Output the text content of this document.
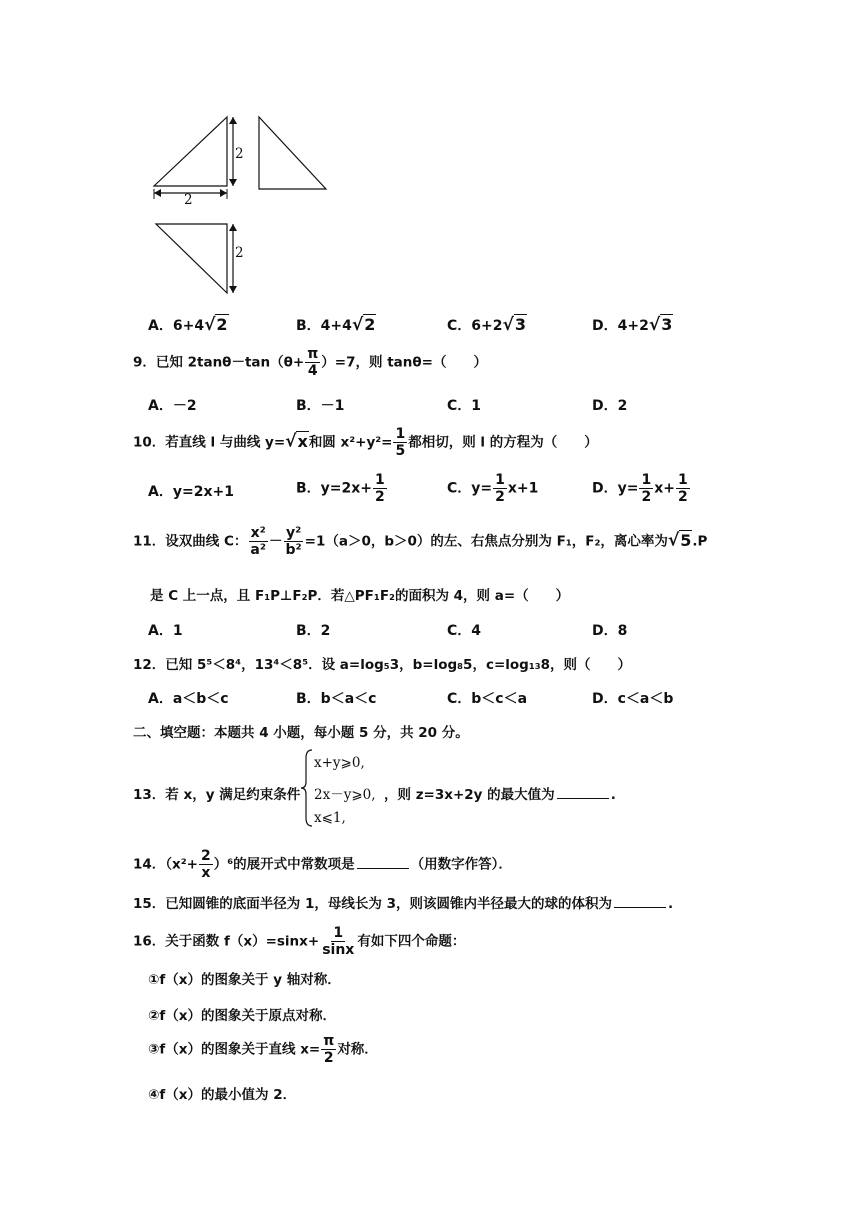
2
2
2
A．6+4√2	B．4+4√2	C．6+2√3	D．4+2√3
9．已知 $2\tan\theta-\tan(\theta+ \frac{\pi}{4} )=7$，则 tanθ=（　　）
A．－2	B．－1	C．1	D．2
10．若直线 l 与曲线 y=√x和圆 $x^2+y^2= \frac{1}{5}$ 都相切，则 l 的方程为（　　）
A．y=2x+1	B．$y=2x+ \frac{1}{2}$	C．$y= \frac{1}{2} x+1$	D．$y= \frac{1}{2} x+ \frac{1}{2}$
11．设双曲线 C： $\frac{\text{x²}}{\text{a²}} - \frac{\text{y²}}{\text{b²}} =1(a>0$，b＞0）的左、右焦点分别为 F₁，F₂，离心率为√5.P
是 C 上一点，且 F₁P⊥F₂P．若△PF₁F₂的面积为 4，则 a=（　　）
A．1	B．2	C．4	D．8
12．已知 5⁵＜8⁴，13⁴＜8⁵．设 a=log₅3，b=log₈5，c=log₁₃8，则（　　）
A．a＜b＜c	B．b＜a＜c	C．b＜c＜a	D．c＜a＜b
二、填空题：本题共 4 小题，每小题 5 分，共 20 分。
13．若 x，y 满足约束条件
x+y⩾0,
2x－y⩾0,
x⩽1,
，则 z=3x+2y 的最大值为	.
14．$(x^2+ \frac{2}{x} )^6$的展开式中常数项是	（用数字作答）．
15．已知圆锥的底面半径为 1，母线长为 3，则该圆锥内半径最大的球的体积为	.
16．关于函数 $f(x)=\sin x+ \frac{1}{\sin x}$ 有如下四个命题：
①f（x）的图象关于 y 轴对称．
②f（x）的图象关于原点对称．
③f（x）的图象关于直线 $x= \frac{\pi}{2}$ 对称．
④f（x）的最小值为 2．
